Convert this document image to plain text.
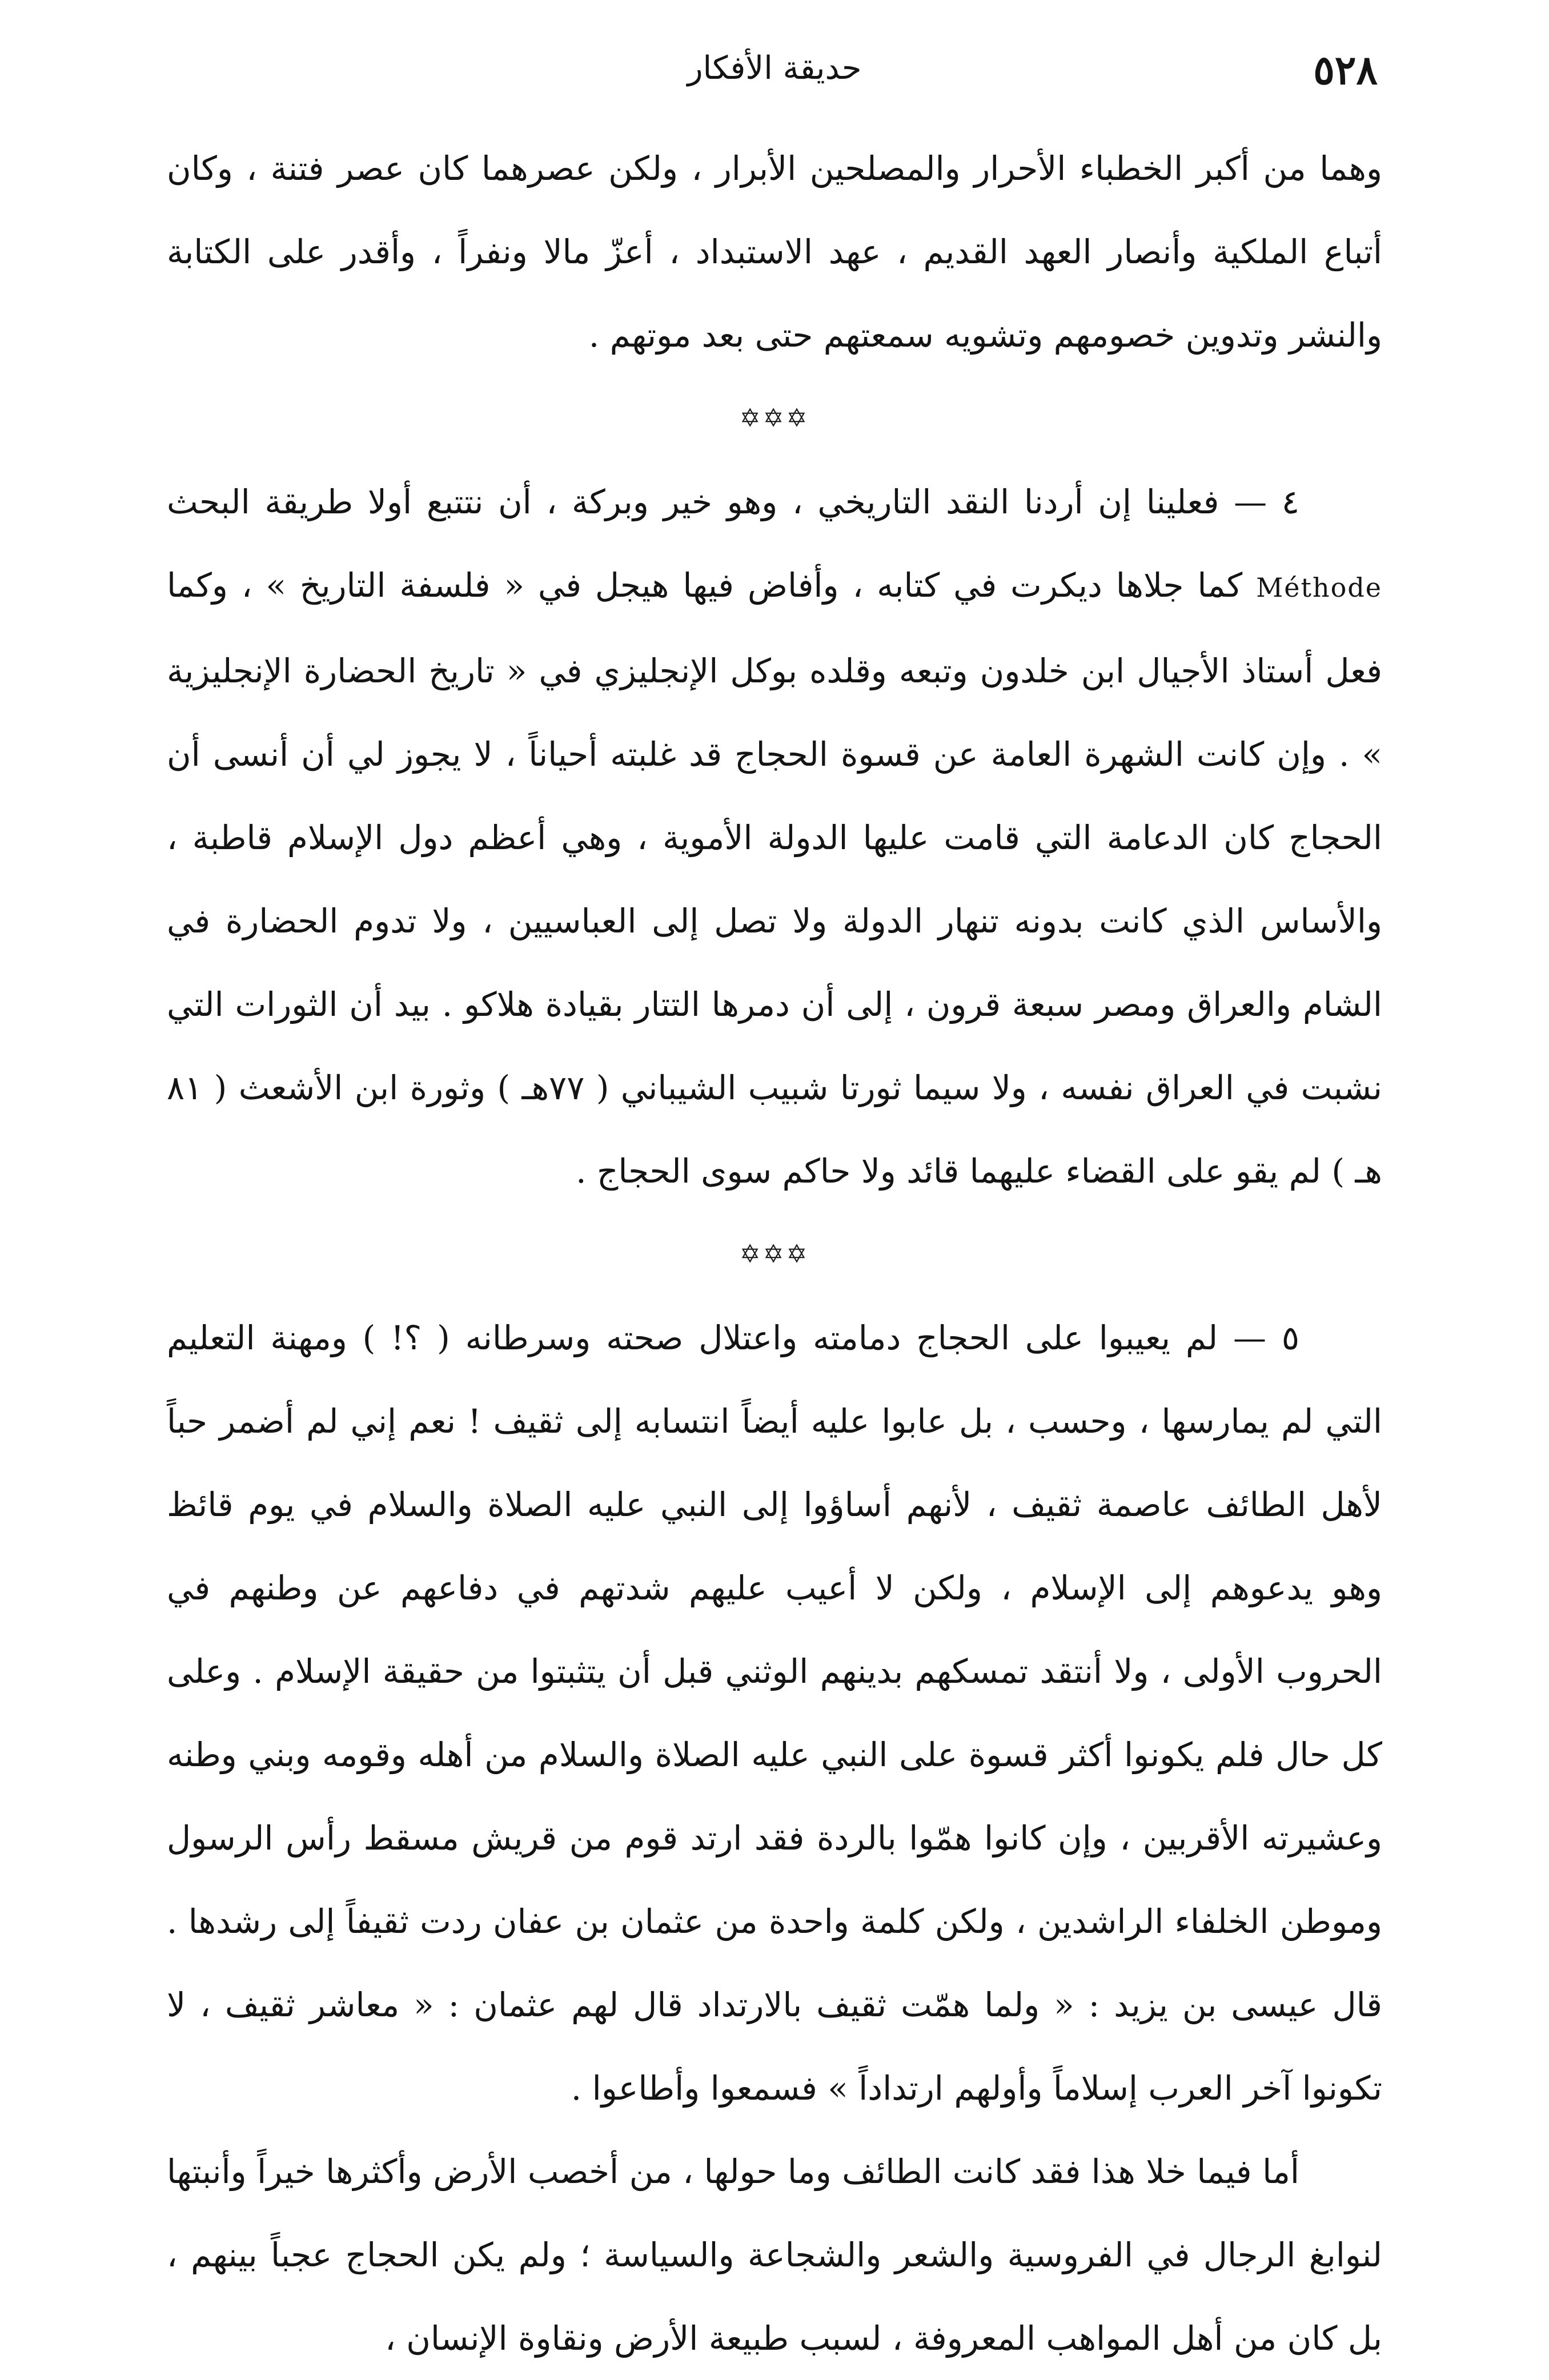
٥٢٨
حديقة الأفكار

وهما من أكبر الخطباء الأحرار والمصلحين الأبرار ، ولكن عصرهما كان عصر فتنة ، وكان أتباع الملكية وأنصار العهد القديم ، عهد الاستبداد ، أعزّ مالا ونفراً ، وأقدر على الكتابة والنشر وتدوين خصومهم وتشويه سمعتهم حتى بعد موتهم .

✡✡✡

٤ — فعلينا إن أردنا النقد التاريخي ، وهو خير وبركة ، أن نتتبع أولا طريقة البحث Méthode كما جلاها ديكرت في كتابه ، وأفاض فيها هيجل في « فلسفة التاريخ » ، وكما فعل أستاذ الأجيال ابن خلدون وتبعه وقلده بوكل الإنجليزي في « تاريخ الحضارة الإنجليزية » . وإن كانت الشهرة العامة عن قسوة الحجاج قد غلبته أحياناً ، لا يجوز لي أن أنسى أن الحجاج كان الدعامة التي قامت عليها الدولة الأموية ، وهي أعظم دول الإسلام قاطبة ، والأساس الذي كانت بدونه تنهار الدولة ولا تصل إلى العباسيين ، ولا تدوم الحضارة في الشام والعراق ومصر سبعة قرون ، إلى أن دمرها التتار بقيادة هلاكو . بيد أن الثورات التي نشبت في العراق نفسه ، ولا سيما ثورتا شبيب الشيباني ( ٧٧هـ ) وثورة ابن الأشعث ( ٨١ هـ ) لم يقو على القضاء عليهما قائد ولا حاكم سوى الحجاج .

✡✡✡

٥ — لم يعيبوا على الحجاج دمامته واعتلال صحته وسرطانه ( ؟! ) ومهنة التعليم التي لم يمارسها ، وحسب ، بل عابوا عليه أيضاً انتسابه إلى ثقيف ! نعم إني لم أضمر حباً لأهل الطائف عاصمة ثقيف ، لأنهم أساؤوا إلى النبي عليه الصلاة والسلام في يوم قائظ وهو يدعوهم إلى الإسلام ، ولكن لا أعيب عليهم شدتهم في دفاعهم عن وطنهم في الحروب الأولى ، ولا أنتقد تمسكهم بدينهم الوثني قبل أن يتثبتوا من حقيقة الإسلام . وعلى كل حال فلم يكونوا أكثر قسوة على النبي عليه الصلاة والسلام من أهله وقومه وبني وطنه وعشيرته الأقربين ، وإن كانوا همّوا بالردة فقد ارتد قوم من قريش مسقط رأس الرسول وموطن الخلفاء الراشدين ، ولكن كلمة واحدة من عثمان بن عفان ردت ثقيفاً إلى رشدها . قال عيسى بن يزيد : « ولما همّت ثقيف بالارتداد قال لهم عثمان : « معاشر ثقيف ، لا تكونوا آخر العرب إسلاماً وأولهم ارتداداً » فسمعوا وأطاعوا .

أما فيما خلا هذا فقد كانت الطائف وما حولها ، من أخصب الأرض وأكثرها خيراً وأنبتها لنوابغ الرجال في الفروسية والشعر والشجاعة والسياسة ؛ ولم يكن الحجاج عجباً بينهم ، بل كان من أهل المواهب المعروفة ، لسبب طبيعة الأرض ونقاوة الإنسان ،
